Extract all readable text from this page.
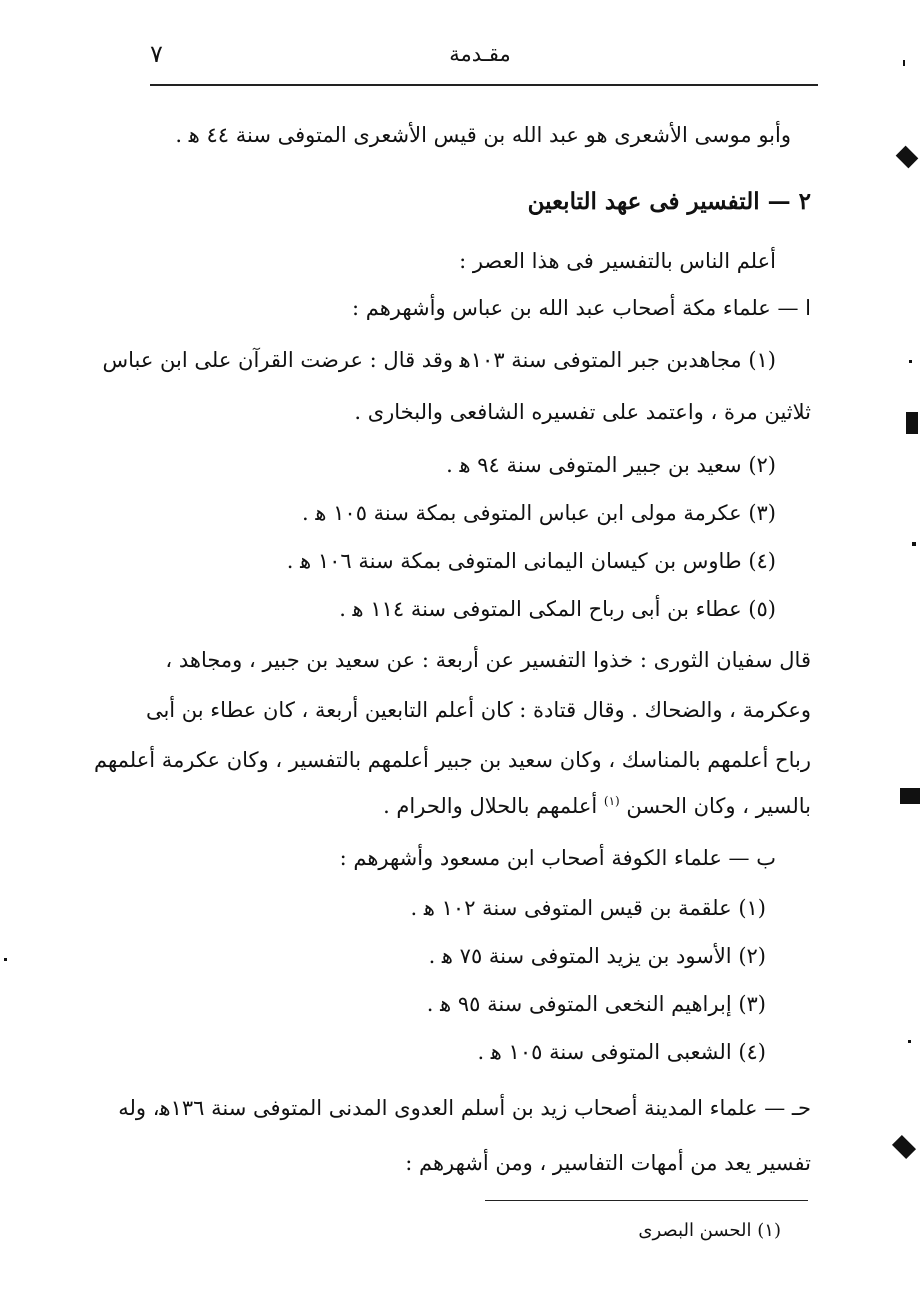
٧	مقـدمة
وأبو موسى الأشعرى هو عبد الله بن قيس الأشعرى المتوفى سنة ٤٤ ﻫ .
٢ — التفسير فى عهد التابعين
أعلم الناس بالتفسير فى هذا العصر :
ا — علماء مكة أصحاب عبد الله بن عباس وأشهرهم :
(١) مجاهدبن جبر المتوفى سنة ١٠٣ﻫ وقد قال : عرضت القرآن على ابن عباس
ثلاثين مرة ، واعتمد على تفسيره الشافعى والبخارى .
(٢) سعيد بن جبير المتوفى سنة ٩٤ ﻫ .
(٣) عكرمة مولى ابن عباس المتوفى بمكة سنة ١٠٥ ﻫ .
(٤) طاوس بن كيسان اليمانى المتوفى بمكة سنة ١٠٦ ﻫ .
(٥) عطاء بن أبى رباح المكى المتوفى سنة ١١٤ ﻫ .
قال سفيان الثورى : خذوا التفسير عن أربعة : عن سعيد بن جبير ، ومجاهد ،
وعكرمة ، والضحاك . وقال قتادة : كان أعلم التابعين أربعة ، كان عطاء بن أبى
رباح أعلمهم بالمناسك ، وكان سعيد بن جبير أعلمهم بالتفسير ، وكان عكرمة أعلمهم
بالسير ، وكان الحسن $^{(١)}$ أعلمهم بالحلال والحرام .
ب — علماء الكوفة أصحاب ابن مسعود وأشهرهم :
(١) علقمة بن قيس المتوفى سنة ١٠٢ ﻫ .
(٢) الأسود بن يزيد المتوفى سنة ٧٥ ﻫ .
(٣) إبراهيم النخعى المتوفى سنة ٩٥ ﻫ .
(٤) الشعبى المتوفى سنة ١٠٥ ﻫ .
حـ — علماء المدينة أصحاب زيد بن أسلم العدوى المدنى المتوفى سنة ١٣٦ﻫ، وله
تفسير يعد من أمهات التفاسير ، ومن أشهرهم :
(١) الحسن البصرى
